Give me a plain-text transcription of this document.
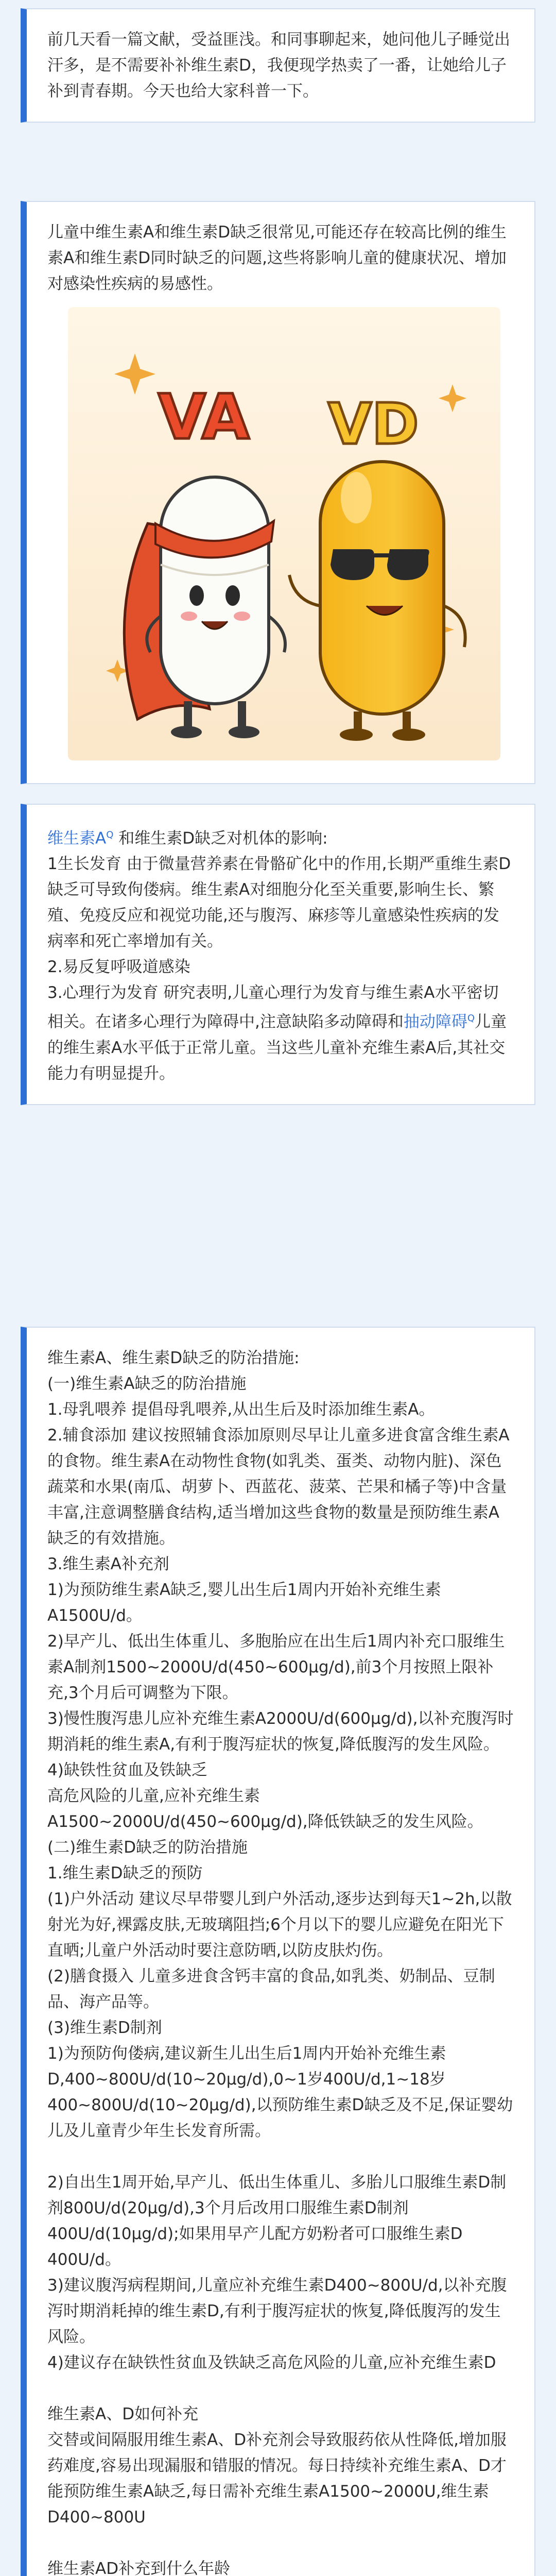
前几天看一篇文献，受益匪浅。和同事聊起来，她问他儿子睡觉出汗多，是不需要补补维生素D，我便现学热卖了一番，让她给儿子补到青春期。今天也给大家科普一下。

儿童中维生素A和维生素D缺乏很常见,可能还存在较高比例的维生素A和维生素D同时缺乏的问题,这些将影响儿童的健康状况、增加对感染性疾病的易感性。

VA VD

维生素$A^Q$ 和维生素D缺乏对机体的影响:

1生长发育 由于微量营养素在骨骼矿化中的作用,长期严重维生素D缺乏可导致佝偻病。维生素A对细胞分化至关重要,影响生长、繁殖、免疫反应和视觉功能,还与腹泻、麻疹等儿童感染性疾病的发病率和死亡率增加有关。

2.易反复呼吸道感染

3.心理行为发育 研究表明,儿童心理行为发育与维生素A水平密切相关。在诸多心理行为障碍中,注意缺陷多动障碍和抽动障碍$^Q$儿童的维生素A水平低于正常儿童。当这些儿童补充维生素A后,其社交能力有明显提升。

维生素A、维生素D缺乏的防治措施:

(一)维生素A缺乏的防治措施

1.母乳喂养 提倡母乳喂养,从出生后及时添加维生素A。

2.辅食添加 建议按照辅食添加原则尽早让儿童多进食富含维生素A的食物。维生素A在动物性食物(如乳类、蛋类、动物内脏)、深色蔬菜和水果(南瓜、胡萝卜、西蓝花、菠菜、芒果和橘子等)中含量丰富,注意调整膳食结构,适当增加这些食物的数量是预防维生素A缺乏的有效措施。

3.维生素A补充剂

1)为预防维生素A缺乏,婴儿出生后1周内开始补充维生素A1500U/d。

2)早产儿、低出生体重儿、多胞胎应在出生后1周内补充口服维生素A制剂1500~2000U/d(450~600μg/d),前3个月按照上限补充,3个月后可调整为下限。

3)慢性腹泻患儿应补充维生素A2000U/d(600μg/d),以补充腹泻时期消耗的维生素A,有利于腹泻症状的恢复,降低腹泻的发生风险。

4)缺铁性贫血及铁缺乏

高危风险的儿童,应补充维生素A1500~2000U/d(450~600μg/d),降低铁缺乏的发生风险。

(二)维生素D缺乏的防治措施

1.维生素D缺乏的预防

(1)户外活动 建议尽早带婴儿到户外活动,逐步达到每天1~2h,以散射光为好,裸露皮肤,无玻璃阻挡;6个月以下的婴儿应避免在阳光下直晒;儿童户外活动时要注意防晒,以防皮肤灼伤。

(2)膳食摄入 儿童多进食含钙丰富的食品,如乳类、奶制品、豆制品、海产品等。

(3)维生素D制剂

1)为预防佝偻病,建议新生儿出生后1周内开始补充维生素D,400~800U/d(10~20μg/d),0~1岁400U/d,1~18岁400~800U/d(10~20μg/d),以预防维生素D缺乏及不足,保证婴幼儿及儿童青少年生长发育所需。

2)自出生1周开始,早产儿、低出生体重儿、多胎儿口服维生素D制剂800U/d(20μg/d),3个月后改用口服维生素D制剂400U/d(10μg/d);如果用早产儿配方奶粉者可口服维生素D 400U/d。

3)建议腹泻病程期间,儿童应补充维生素D400~800U/d,以补充腹泻时期消耗掉的维生素D,有利于腹泻症状的恢复,降低腹泻的发生风险。

4)建议存在缺铁性贫血及铁缺乏高危风险的儿童,应补充维生素D

维生素A、D如何补充

交替或间隔服用维生素A、D补充剂会导致服药依从性降低,增加服药难度,容易出现漏服和错服的情况。每日持续补充维生素A、D才能预防维生素A缺乏,每日需补充维生素A1500~2000U,维生素D400~800U

维生素AD补充到什么年龄
